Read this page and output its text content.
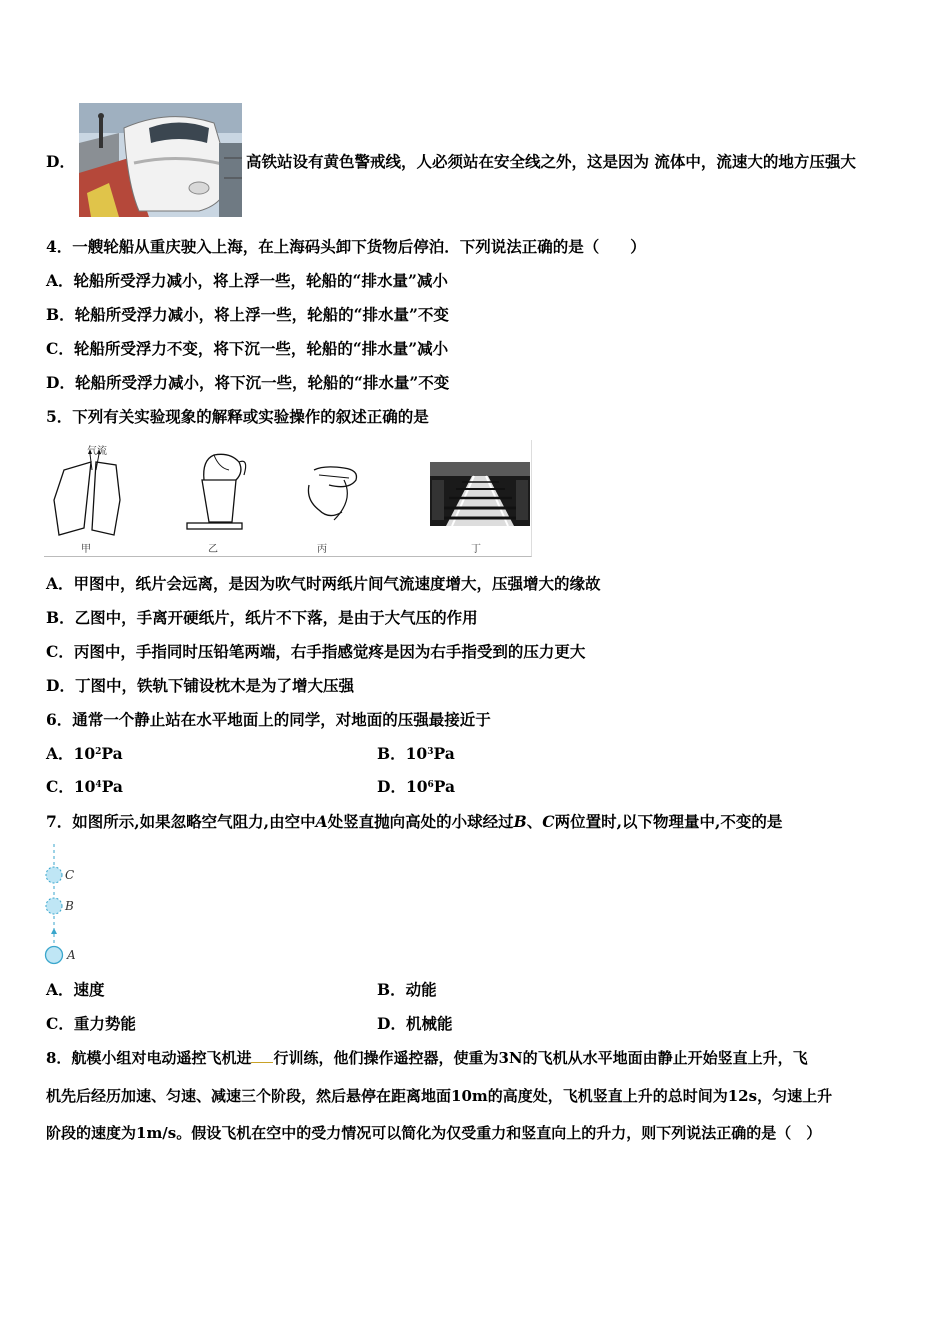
D．	高铁站设有黄色警戒线，人必须站在安全线之外，这是因为 流体中，流速大的地方压强大
4．一艘轮船从重庆驶入上海，在上海码头卸下货物后停泊．下列说法正确的是（　　）
A．轮船所受浮力减小，将上浮一些，轮船的“排水量”减小
B．轮船所受浮力减小，将上浮一些，轮船的“排水量”不变
C．轮船所受浮力不变，将下沉一些，轮船的“排水量”减小
D．轮船所受浮力减小，将下沉一些，轮船的“排水量”不变
5．下列有关实验现象的解释或实验操作的叙述正确的是
气流
甲	乙	丙	丁
A．甲图中，纸片会远离，是因为吹气时两纸片间气流速度增大，压强增大的缘故
B．乙图中，手离开硬纸片，纸片不下落，是由于大气压的作用
C．丙图中，手指同时压铅笔两端，右手指感觉疼是因为右手指受到的压力更大
D．丁图中，铁轨下铺设枕木是为了增大压强
6．通常一个静止站在水平地面上的同学，对地面的压强最接近于
A．$10^2Pa$	B．$10^3Pa$
C．$10^4Pa$	D．$10^6Pa$
7．如图所示,如果忽略空气阻力,由空中A处竖直抛向高处的小球经过B、C两位置时,以下物理量中,不变的是
C
B
A
A．速度	B．动能
C．重力势能	D．机械能
8．航模小组对电动遥控飞机进 行训练，他们操作遥控器，使重为3N的飞机从水平地面由静止开始竖直上升，飞
机先后经历加速、匀速、减速三个阶段，然后悬停在距离地面10m的高度处，飞机竖直上升的总时间为12s，匀速上升
阶段的速度为1m/s。假设飞机在空中的受力情况可以简化为仅受重力和竖直向上的升力，则下列说法正确的是（　）
